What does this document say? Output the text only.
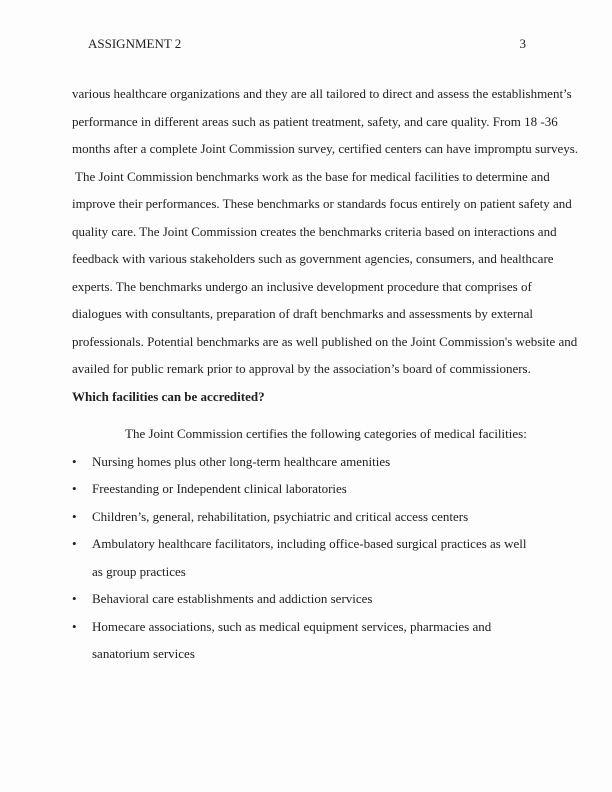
ASSIGNMENT 2	3
various healthcare organizations and they are all tailored to direct and assess the establishment’s
performance in different areas such as patient treatment, safety, and care quality. From 18 -36
months after a complete Joint Commission survey, certified centers can have impromptu surveys.
The Joint Commission benchmarks work as the base for medical facilities to determine and
improve their performances. These benchmarks or standards focus entirely on patient safety and
quality care. The Joint Commission creates the benchmarks criteria based on interactions and
feedback with various stakeholders such as government agencies, consumers, and healthcare
experts. The benchmarks undergo an inclusive development procedure that comprises of
dialogues with consultants, preparation of draft benchmarks and assessments by external
professionals. Potential benchmarks are as well published on the Joint Commission's website and
availed for public remark prior to approval by the association’s board of commissioners.
Which facilities can be accredited?
The Joint Commission certifies the following categories of medical facilities:
•	Nursing homes plus other long-term healthcare amenities
•	Freestanding or Independent clinical laboratories
•	Children’s, general, rehabilitation, psychiatric and critical access centers
•	Ambulatory healthcare facilitators, including office-based surgical practices as well as group practices
•	Behavioral care establishments and addiction services
•	Homecare associations, such as medical equipment services, pharmacies and sanatorium services
